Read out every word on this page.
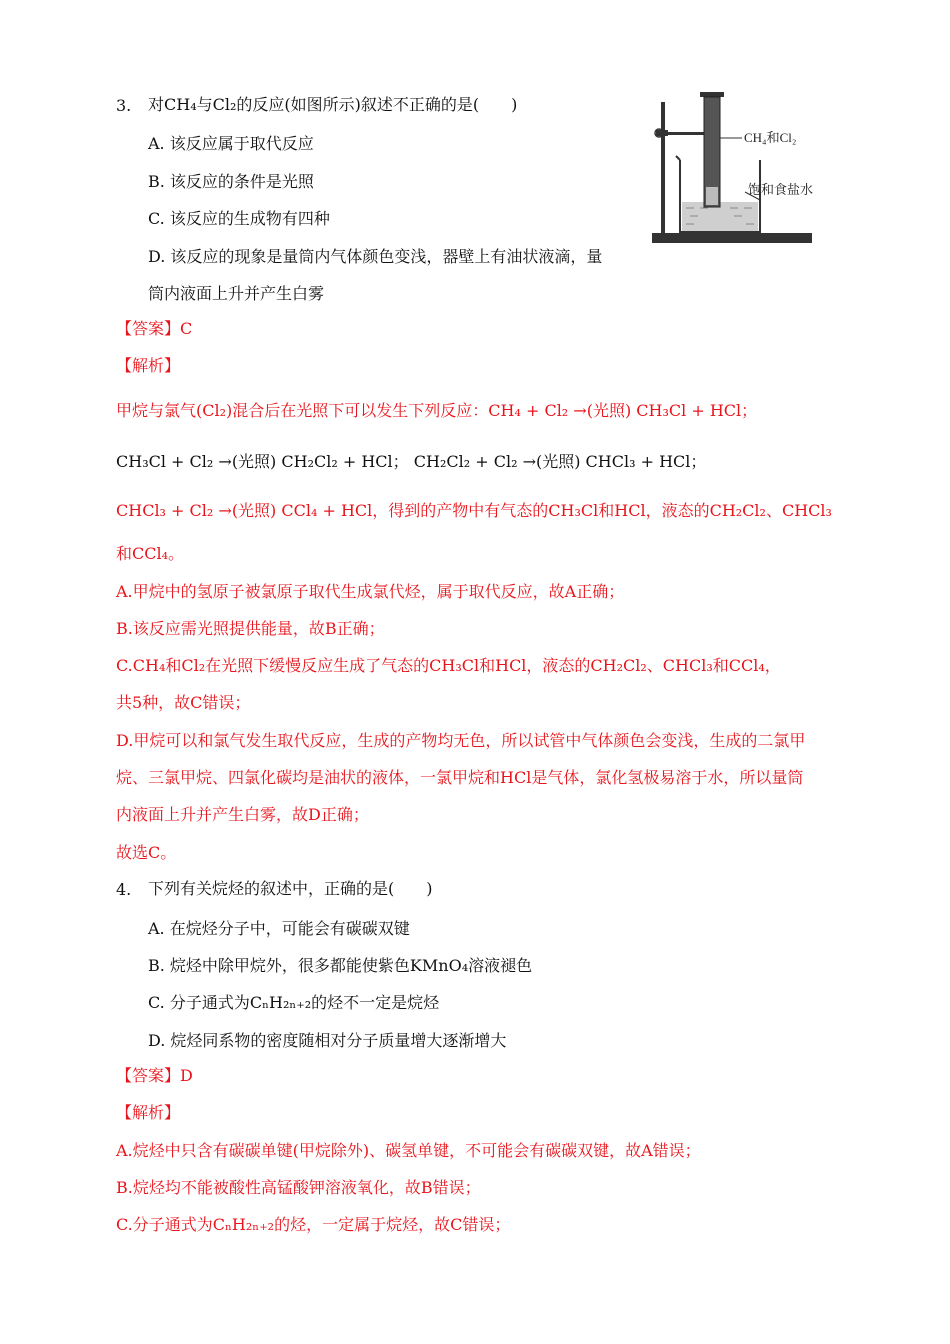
3. 对CH₄与Cl₂的反应(如图所示)叙述不正确的是(　　)
A. 该反应属于取代反应
B. 该反应的条件是光照
C. 该反应的生成物有四种
D. 该反应的现象是量筒内气体颜色变浅，器壁上有油状液滴，量
筒内液面上升并产生白雾
CH₄和Cl₂
饱和食盐水
【答案】C
【解析】
甲烷与氯气(Cl₂)混合后在光照下可以发生下列反应：CH₄ + Cl₂ →(光照) CH₃Cl + HCl；
CH₃Cl + Cl₂ →(光照) CH₂Cl₂ + HCl； CH₂Cl₂ + Cl₂ →(光照) CHCl₃ + HCl；
CHCl₃ + Cl₂ →(光照) CCl₄ + HCl，得到的产物中有气态的CH₃Cl和HCl，液态的CH₂Cl₂、CHCl₃
和CCl₄。
A.甲烷中的氢原子被氯原子取代生成氯代烃，属于取代反应，故A正确；
B.该反应需光照提供能量，故B正确；
C.CH₄和Cl₂在光照下缓慢反应生成了气态的CH₃Cl和HCl，液态的CH₂Cl₂、CHCl₃和CCl₄，
共5种，故C错误；
D.甲烷可以和氯气发生取代反应，生成的产物均无色，所以试管中气体颜色会变浅，生成的二氯甲
烷、三氯甲烷、四氯化碳均是油状的液体，一氯甲烷和HCl是气体，氯化氢极易溶于水，所以量筒
内液面上升并产生白雾，故D正确；
故选C。
4. 下列有关烷烃的叙述中，正确的是(　　)
A. 在烷烃分子中，可能会有碳碳双键
B. 烷烃中除甲烷外，很多都能使紫色KMnO₄溶液褪色
C. 分子通式为CₙH₂ₙ₊₂的烃不一定是烷烃
D. 烷烃同系物的密度随相对分子质量增大逐渐增大
【答案】D
【解析】
A.烷烃中只含有碳碳单键(甲烷除外)、碳氢单键，不可能会有碳碳双键，故A错误；
B.烷烃均不能被酸性高锰酸钾溶液氧化，故B错误；
C.分子通式为CₙH₂ₙ₊₂的烃，一定属于烷烃，故C错误；
